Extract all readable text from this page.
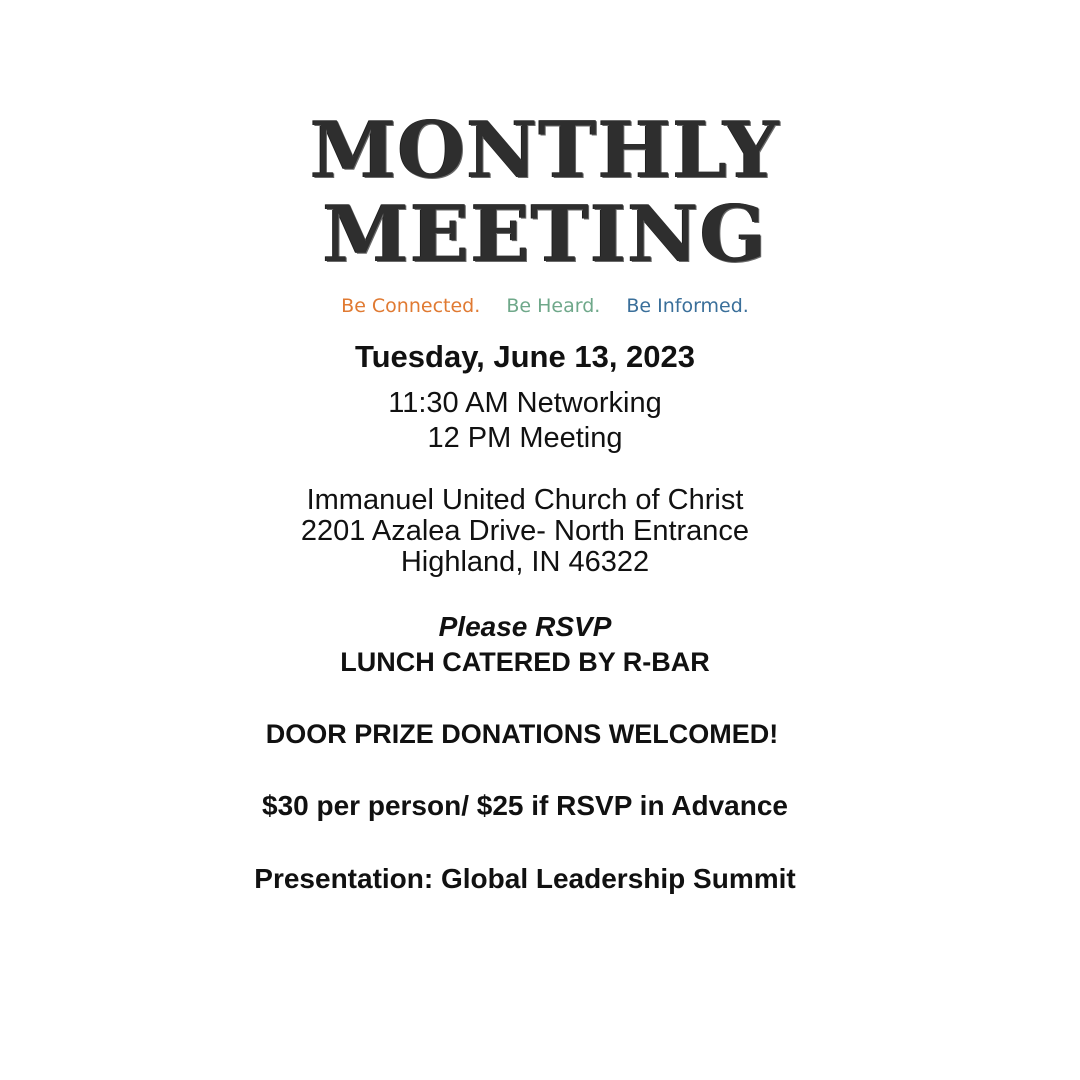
MONTHLY
MEETING
Be Connected. Be Heard. Be Informed.

Tuesday, June 13, 2023

11:30 AM Networking

12 PM Meeting

Immanuel United Church of Christ

2201 Azalea Drive- North Entrance

Highland, IN 46322

Please RSVP

LUNCH CATERED BY R-BAR

DOOR PRIZE DONATIONS WELCOMED!

$30 per person/ $25 if RSVP in Advance

Presentation: Global Leadership Summit
